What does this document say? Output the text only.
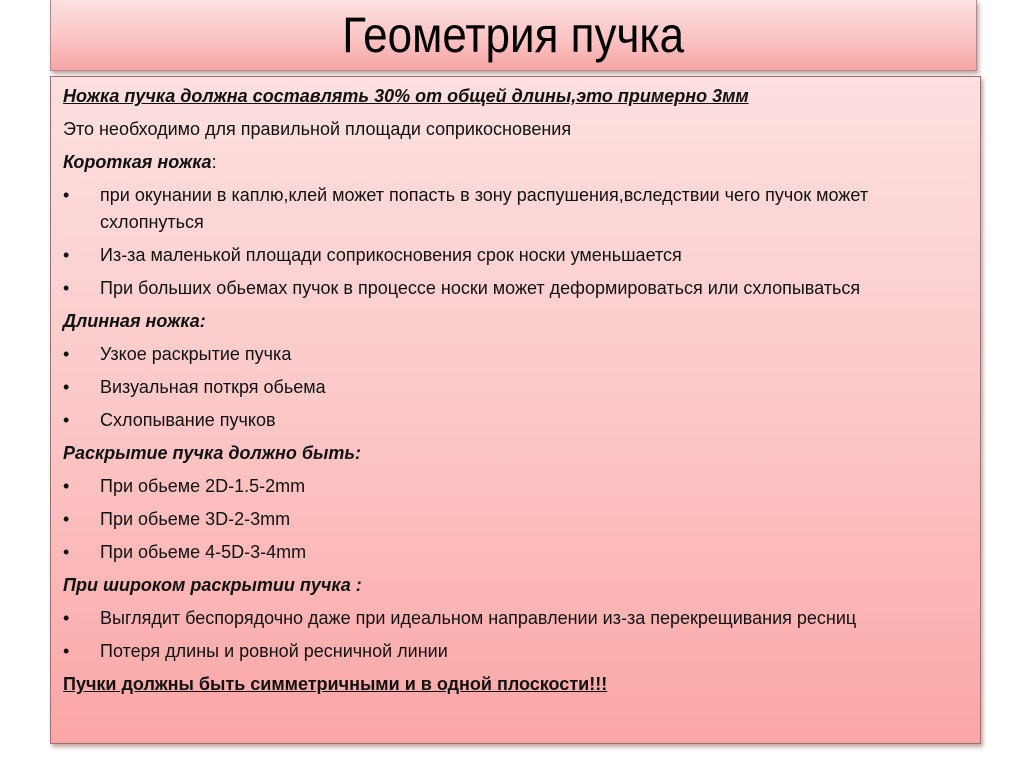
Геометрия пучка
Ножка пучка должна составлять 30% от общей длины,это примерно 3мм
Это необходимо для правильной площади соприкосновения
Короткая ножка:
•	при окунании в каплю,клей может попасть в зону распушения,вследствии чего пучок может схлопнуться
•	Из-за маленькой площади соприкосновения срок носки уменьшается
•	При больших обьемах пучок в процессе носки может деформироваться или схлопываться
Длинная ножка:
•	Узкое раскрытие пучка
•	Визуальная поткря обьема
•	Схлопывание пучков
Раскрытие пучка должно быть:
•	При обьеме 2D-1.5-2mm
•	При обьеме 3D-2-3mm
•	При обьеме 4-5D-3-4mm
При широком раскрытии пучка :
•	Выглядит беспорядочно даже при идеальном направлении из-за перекрещивания ресниц
•	Потеря длины и ровной ресничной линии
Пучки должны быть симметричными и в одной плоскости!!!
